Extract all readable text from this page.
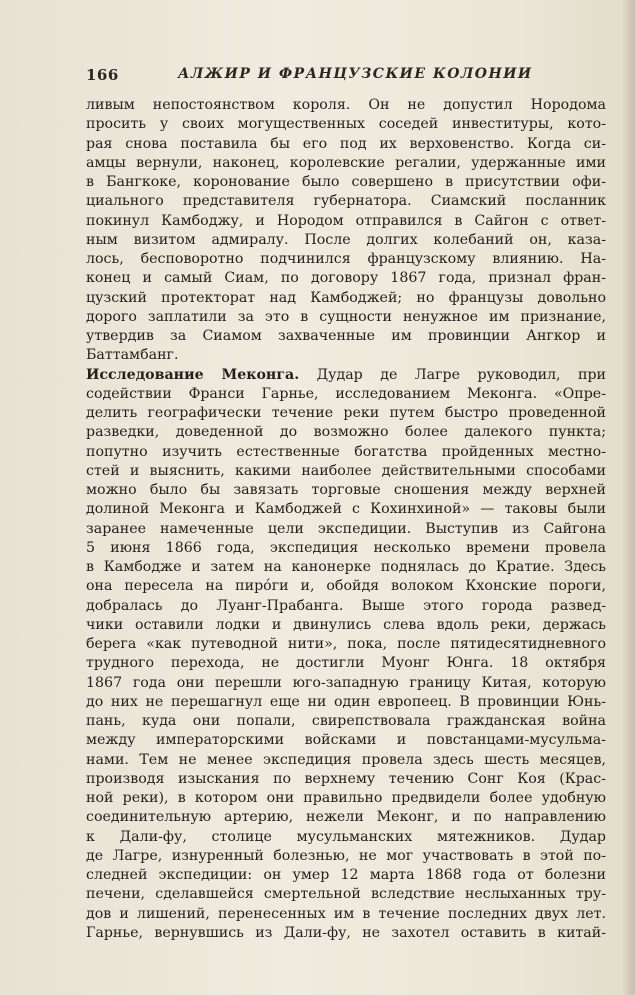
166	АЛЖИР И ФРАНЦУЗСКИЕ КОЛОНИИ

ливым непостоянством короля. Он не допустил Нородома

просить у своих могущественных соседей инвеституры, кото-

рая снова поставила бы его под их верховенство. Когда си-

амцы вернули, наконец, королевские регалии, удержанные ими

в Бангкоке, коронование было совершено в присутствии офи-

циального представителя губернатора. Сиамский посланник

покинул Камбоджу, и Нородом отправился в Сайгон с ответ-

ным визитом адмиралу. После долгих колебаний он, каза-

лось, бесповоротно подчинился французскому влиянию. На-

конец и самый Сиам, по договору 1867 года, признал фран-

цузский протекторат над Камбоджей; но французы довольно

дорого заплатили за это в сущности ненужное им признание,

утвердив за Сиамом захваченные им провинции Ангкор и

Баттамбанг.

Исследование Меконга. Дудар де Лагре руководил, при

содействии Франси Гарнье, исследованием Меконга. «Опре-

делить географически течение реки путем быстро проведенной

разведки, доведенной до возможно более далекого пункта;

попутно изучить естественные богатства пройденных местно-

стей и выяснить, какими наиболее действительными способами

можно было бы завязать торговые сношения между верхней

долиной Меконга и Камбоджей с Кохинхиной» — таковы были

заранее намеченные цели экспедиции. Выступив из Сайгона

5 июня 1866 года, экспедиция несколько времени провела

в Камбодже и затем на канонерке поднялась до Кратие. Здесь

она пересела на пирóги и, обойдя волоком Кхонские пороги,

добралась до Луанг-Прабанга. Выше этого города развед-

чики оставили лодки и двинулись слева вдоль реки, держась

берега «как путеводной нити», пока, после пятидесятидневного

трудного перехода, не достигли Муонг Юнга. 18 октября

1867 года они перешли юго-западную границу Китая, которую

до них не перешагнул еще ни один европеец. В провинции Юнь-

пань, куда они попали, свирепствовала гражданская война

между императорскими войсками и повстанцами-мусульма-

нами. Тем не менее экспедиция провела здесь шесть месяцев,

производя изыскания по верхнему течению Сонг Коя (Крас-

ной реки), в котором они правильно предвидели более удобную

соединительную артерию, нежели Меконг, и по направлению

к Дали-фу, столице мусульманских мятежников. Дудар

де Лагре, изнуренный болезнью, не мог участвовать в этой по-

следней экспедиции: он умер 12 марта 1868 года от болезни

печени, сделавшейся смертельной вследствие неслыханных тру-

дов и лишений, перенесенных им в течение последних двух лет.

Гарнье, вернувшись из Дали-фу, не захотел оставить в китай-
